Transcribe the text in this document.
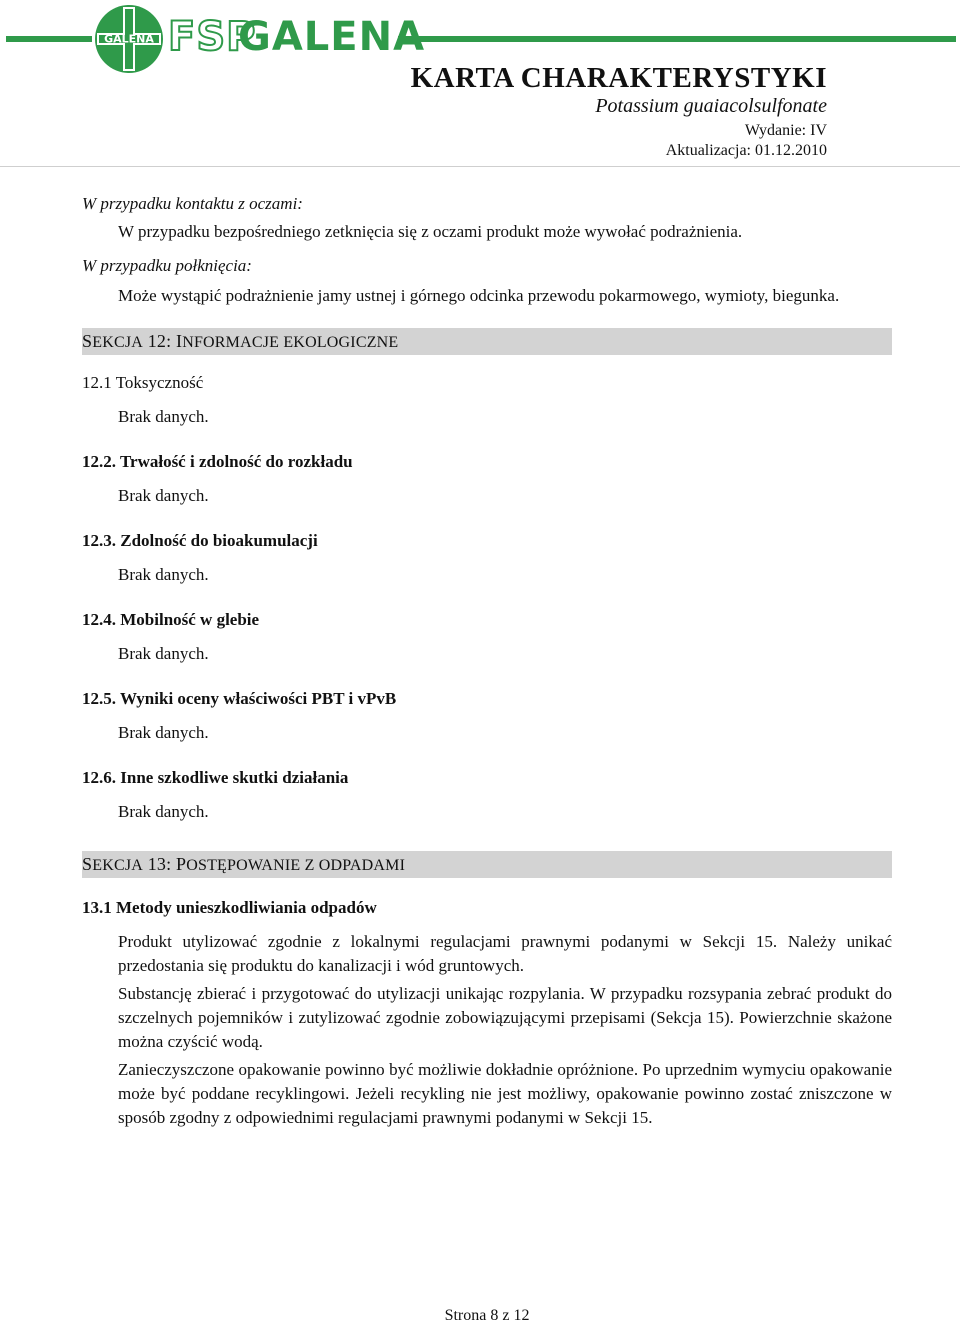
GALENA FSP
GALENA
KARTA CHARAKTERYSTYKI
Potassium guaiacolsulfonate
Wydanie: IV
Aktualizacja: 01.12.2010

W przypadku kontaktu z oczami:

W przypadku bezpośredniego zetknięcia się z oczami produkt może wywołać podrażnienia.

W przypadku połknięcia:

Może wystąpić podrażnienie jamy ustnej i górnego odcinka przewodu pokarmowego, wymioty, biegunka.

SEKCJA 12: INFORMACJE EKOLOGICZNE

12.1 Toksyczność

Brak danych.

12.2. Trwałość i zdolność do rozkładu

Brak danych.

12.3. Zdolność do bioakumulacji

Brak danych.

12.4. Mobilność w glebie

Brak danych.

12.5. Wyniki oceny właściwości PBT i vPvB

Brak danych.

12.6. Inne szkodliwe skutki działania

Brak danych.

SEKCJA 13: POSTĘPOWANIE Z ODPADAMI

13.1 Metody unieszkodliwiania odpadów

Produkt utylizować zgodnie z lokalnymi regulacjami prawnymi podanymi w Sekcji 15. Należy unikać przedostania się produktu do kanalizacji i wód gruntowych.

Substancję zbierać i przygotować do utylizacji unikając rozpylania. W przypadku rozsypania zebrać produkt do szczelnych pojemników i zutylizować zgodnie zobowiązującymi przepisami (Sekcja 15). Powierzchnie skażone można czyścić wodą.

Zanieczyszczone opakowanie powinno być możliwie dokładnie opróżnione. Po uprzednim wymyciu opakowanie może być poddane recyklingowi. Jeżeli recykling nie jest możliwy, opakowanie powinno zostać zniszczone w sposób zgodny z odpowiednimi regulacjami prawnymi podanymi w Sekcji 15.

Strona 8 z 12
